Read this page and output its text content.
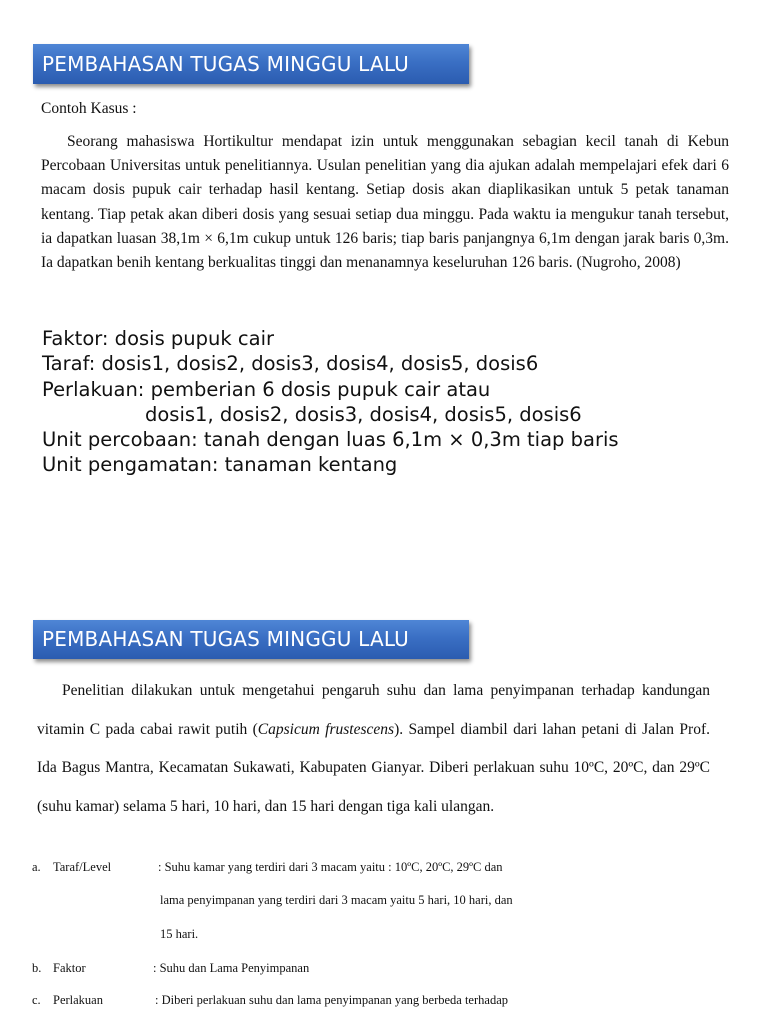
PEMBAHASAN TUGAS MINGGU LALU
Contoh Kasus :

Seorang mahasiswa Hortikultur mendapat izin untuk menggunakan sebagian kecil tanah di Kebun Percobaan Universitas untuk penelitiannya. Usulan penelitian yang dia ajukan adalah mempelajari efek dari 6 macam dosis pupuk cair terhadap hasil kentang. Setiap dosis akan diaplikasikan untuk 5 petak tanaman kentang. Tiap petak akan diberi dosis yang sesuai setiap dua minggu. Pada waktu ia mengukur tanah tersebut, ia dapatkan luasan 38,1m × 6,1m cukup untuk 126 baris; tiap baris panjangnya 6,1m dengan jarak baris 0,3m. Ia dapatkan benih kentang berkualitas tinggi dan menanamnya keseluruhan 126 baris. (Nugroho, 2008)

Faktor: dosis pupuk cair
Taraf: dosis1, dosis2, dosis3, dosis4, dosis5, dosis6
Perlakuan: pemberian 6 dosis pupuk cair atau
dosis1, dosis2, dosis3, dosis4, dosis5, dosis6
Unit percobaan: tanah dengan luas 6,1m × 0,3m tiap baris
Unit pengamatan: tanaman kentang
PEMBAHASAN TUGAS MINGGU LALU

Penelitian dilakukan untuk mengetahui pengaruh suhu dan lama penyimpanan terhadap kandungan vitamin C pada cabai rawit putih (Capsicum frustescens). Sampel diambil dari lahan petani di Jalan Prof. Ida Bagus Mantra, Kecamatan Sukawati, Kabupaten Gianyar. Diberi perlakuan suhu 10ºC, 20ºC, dan 29ºC (suhu kamar) selama 5 hari, 10 hari, dan 15 hari dengan tiga kali ulangan.

a. Taraf/Level	: Suhu kamar yang terdiri dari 3 macam yaitu : 10ºC, 20ºC, 29ºC dan
lama penyimpanan yang terdiri dari 3 macam yaitu 5 hari, 10 hari, dan
15 hari.
b. Faktor	: Suhu dan Lama Penyimpanan
c. Perlakuan	: Diberi perlakuan suhu dan lama penyimpanan yang berbeda terhadap
